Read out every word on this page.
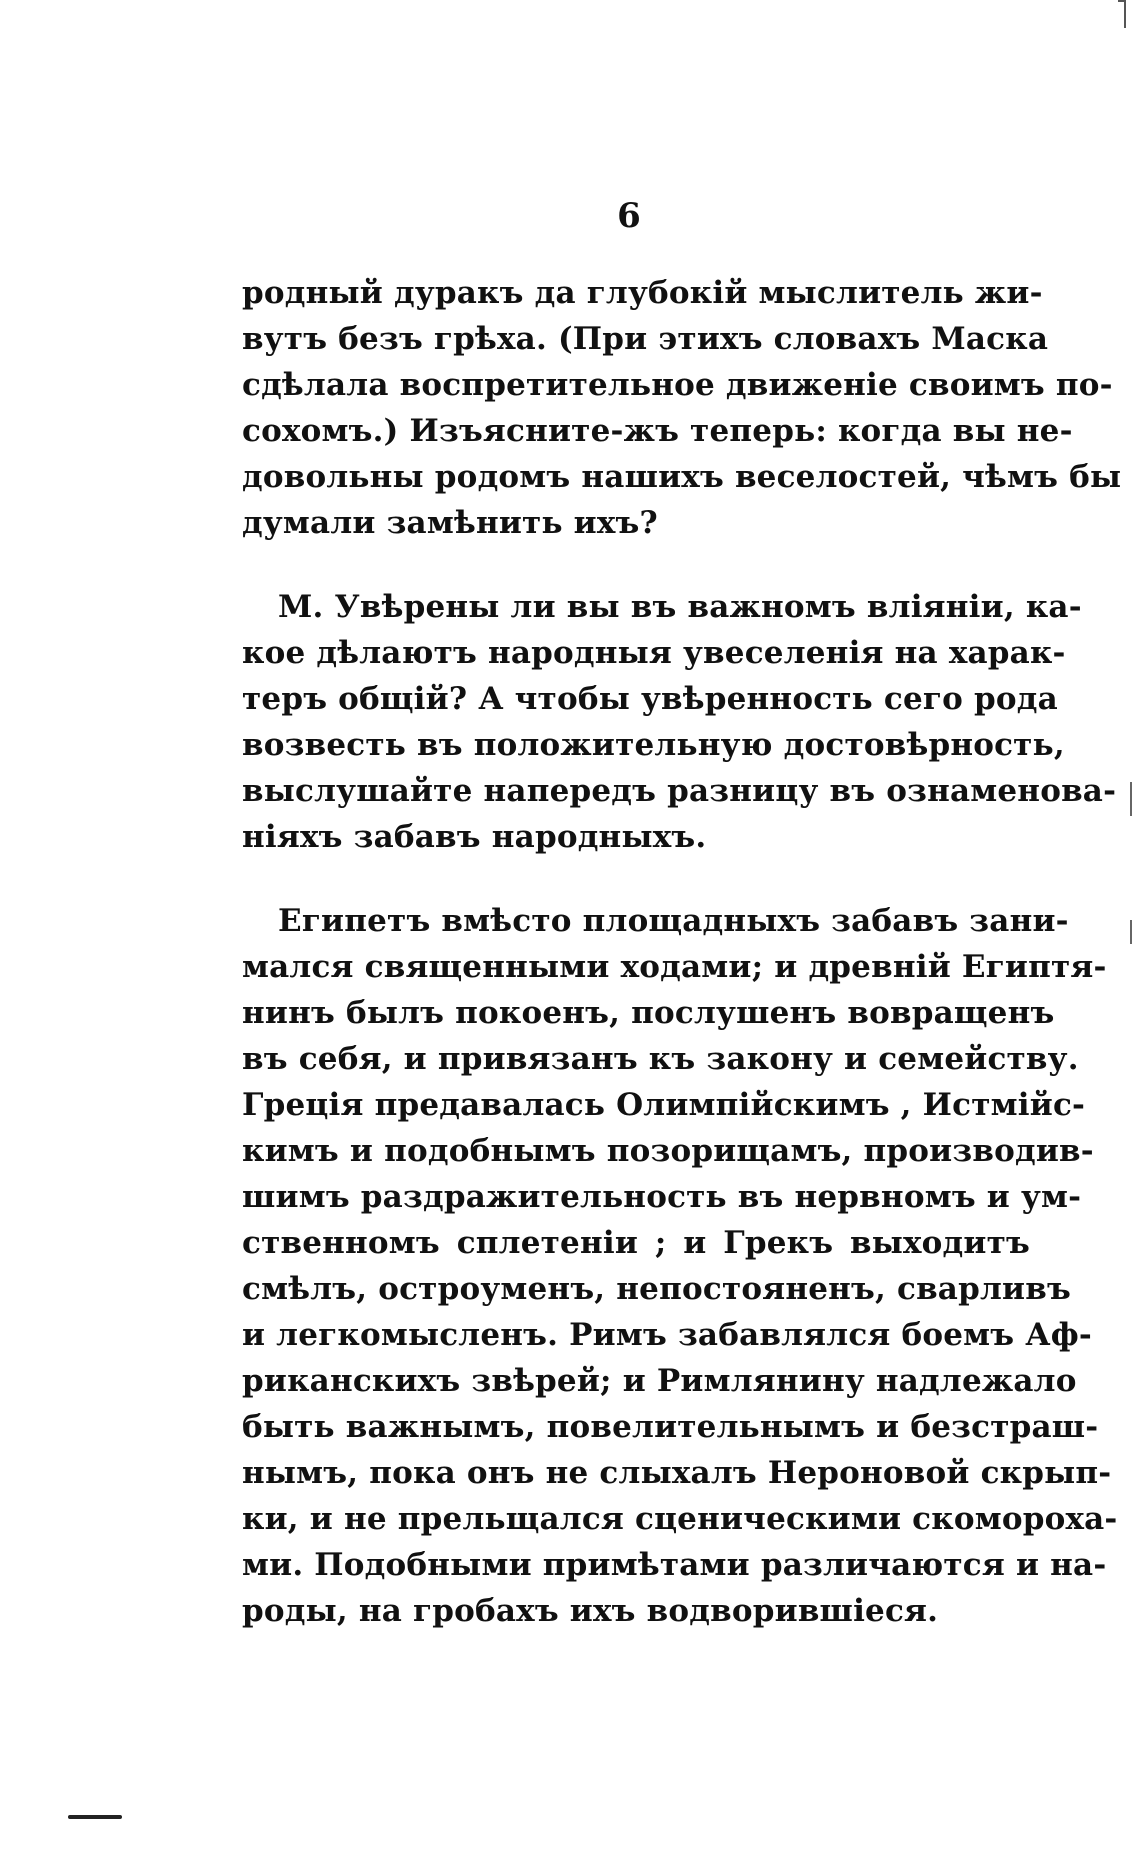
6
родный дуракъ да глубокій мыслитель жи-
вутъ безъ грѣха. (При этихъ словахъ Маска
сдѣлала воспретительное движеніе своимъ по-
сохомъ.) Изъясните-жъ теперь: когда вы не-
довольны родомъ нашихъ веселостей, чѣмъ бы
думали замѣнить ихъ?
М. Увѣрены ли вы въ важномъ вліяніи, ка-
кое дѣлаютъ народныя увеселенія на харак-
теръ общій? А чтобы увѣренность сего рода
возвесть въ положительную достовѣрность,
выслушайте напередъ разницу въ ознаменова-
ніяхъ забавъ народныхъ.
Египетъ вмѣсто площадныхъ забавъ зани-
мался священными ходами; и древній Египтя-
нинъ былъ покоенъ, послушенъ вовращенъ
въ себя, и привязанъ къ закону и семейству.
Греція предавалась Олимпійскимъ , Истмійс-
кимъ и подобнымъ позорищамъ, производив-
шимъ раздражительность въ нервномъ и ум-
ственномъ сплетеніи ; и Грекъ выходитъ
смѣлъ, остроуменъ, непостояненъ, сварливъ
и легкомысленъ. Римъ забавлялся боемъ Аф-
риканскихъ звѣрей; и Римлянину надлежало
быть важнымъ, повелительнымъ и безстраш-
нымъ, пока онъ не слыхалъ Нероновой скрып-
ки, и не прельщался сценическими скомороха-
ми. Подобными примѣтами различаются и на-
роды, на гробахъ ихъ водворившіеся.
